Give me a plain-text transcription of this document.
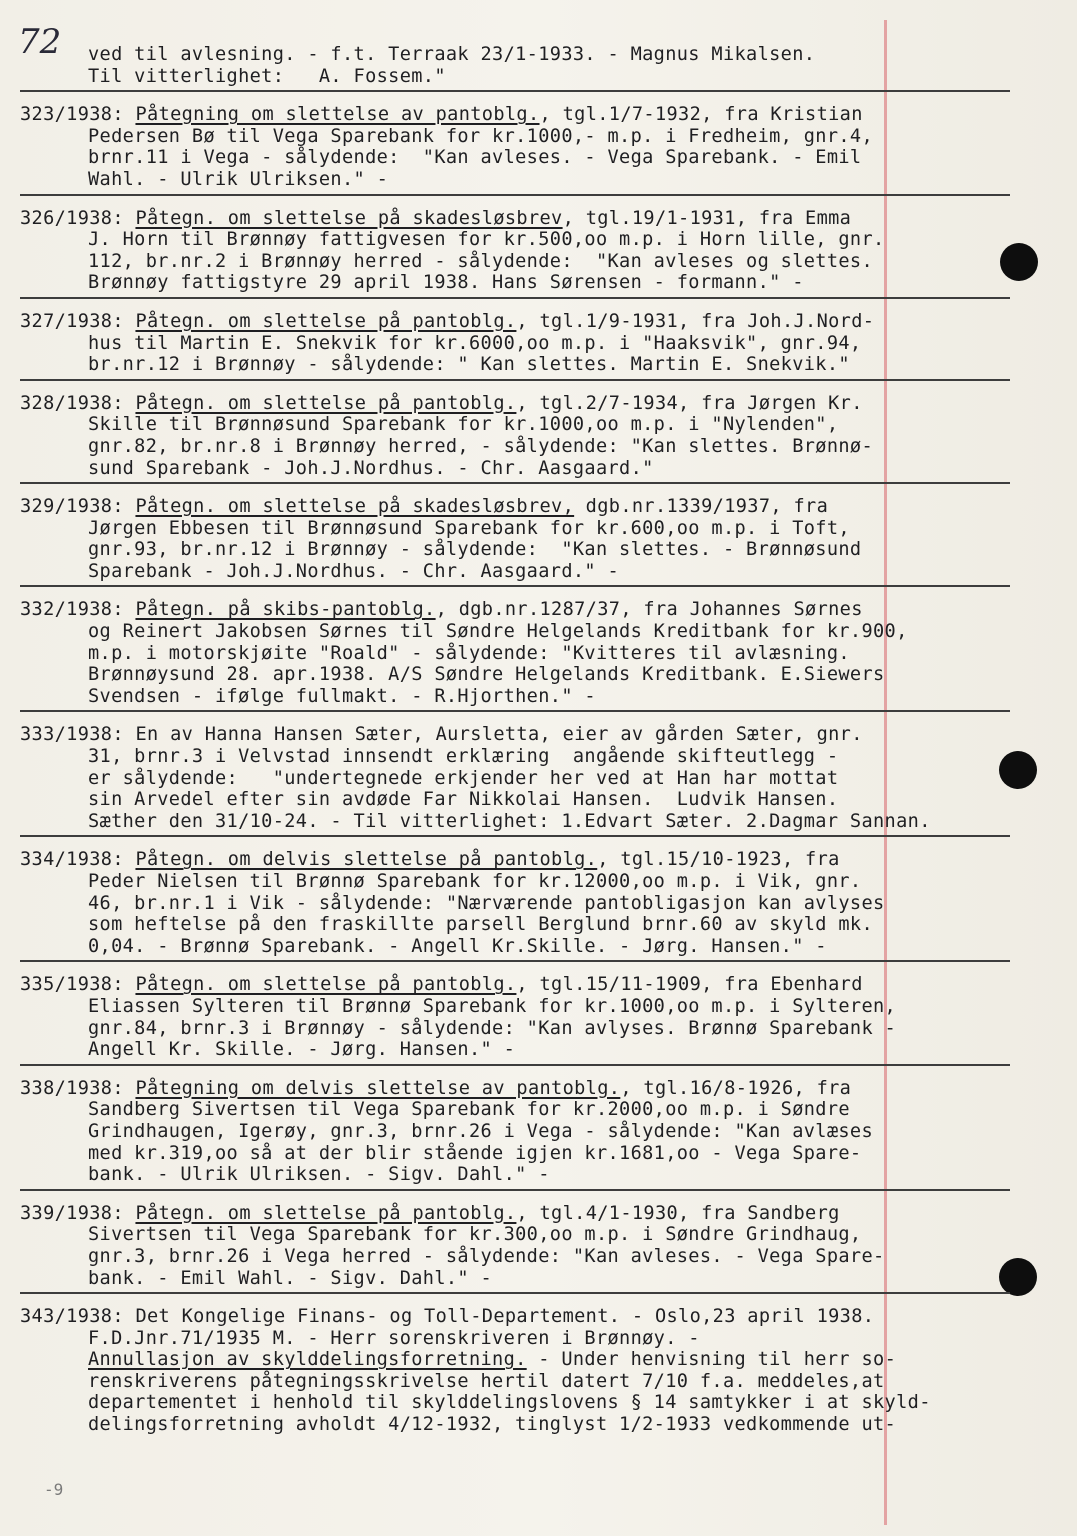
72	ved til avlesning. - f.t. Terraak 23/1-1933. - Magnus Mikalsen.
Til vitterlighet:   A. Fossem."
323/1938: Påtegning om slettelse av pantoblg., tgl.1/7-1932, fra Kristian
Pedersen Bø til Vega Sparebank for kr.1000,- m.p. i Fredheim, gnr.4,
brnr.11 i Vega - sålydende:  "Kan avleses. - Vega Sparebank. - Emil
Wahl. - Ulrik Ulriksen." -
326/1938: Påtegn. om slettelse på skadesløsbrev, tgl.19/1-1931, fra Emma
J. Horn til Brønnøy fattigvesen for kr.500,oo m.p. i Horn lille, gnr.
112, br.nr.2 i Brønnøy herred - sålydende:  "Kan avleses og slettes.
Brønnøy fattigstyre 29 april 1938. Hans Sørensen - formann." -
327/1938: Påtegn. om slettelse på pantoblg., tgl.1/9-1931, fra Joh.J.Nord-
hus til Martin E. Snekvik for kr.6000,oo m.p. i "Haaksvik", gnr.94,
br.nr.12 i Brønnøy - sålydende: " Kan slettes. Martin E. Snekvik."
328/1938: Påtegn. om slettelse på pantoblg., tgl.2/7-1934, fra Jørgen Kr.
Skille til Brønnøsund Sparebank for kr.1000,oo m.p. i "Nylenden",
gnr.82, br.nr.8 i Brønnøy herred, - sålydende: "Kan slettes. Brønnø-
sund Sparebank - Joh.J.Nordhus. - Chr. Aasgaard."
329/1938: Påtegn. om slettelse på skadesløsbrev, dgb.nr.1339/1937, fra
Jørgen Ebbesen til Brønnøsund Sparebank for kr.600,oo m.p. i Toft,
gnr.93, br.nr.12 i Brønnøy - sålydende:  "Kan slettes. - Brønnøsund
Sparebank - Joh.J.Nordhus. - Chr. Aasgaard." -
332/1938: Påtegn. på skibs-pantoblg., dgb.nr.1287/37, fra Johannes Sørnes
og Reinert Jakobsen Sørnes til Søndre Helgelands Kreditbank for kr.900,
m.p. i motorskjøite "Roald" - sålydende: "Kvitteres til avlæsning.
Brønnøysund 28. apr.1938. A/S Søndre Helgelands Kreditbank. E.Siewers
Svendsen - ifølge fullmakt. - R.Hjorthen." -
333/1938: En av Hanna Hansen Sæter, Aursletta, eier av gården Sæter, gnr.
31, brnr.3 i Velvstad innsendt erklæring  angående skifteutlegg -
er sålydende:   "undertegnede erkjender her ved at Han har mottat
sin Arvedel efter sin avdøde Far Nikkolai Hansen.  Ludvik Hansen.
Sæther den 31/10-24. - Til vitterlighet: 1.Edvart Sæter. 2.Dagmar Sannan.
334/1938: Påtegn. om delvis slettelse på pantoblg., tgl.15/10-1923, fra
Peder Nielsen til Brønnø Sparebank for kr.12000,oo m.p. i Vik, gnr.
46, br.nr.1 i Vik - sålydende: "Nærværende pantobligasjon kan avlyses
som heftelse på den fraskillte parsell Berglund brnr.60 av skyld mk.
0,04. - Brønnø Sparebank. - Angell Kr.Skille. - Jørg. Hansen." -
335/1938: Påtegn. om slettelse på pantoblg., tgl.15/11-1909, fra Ebenhard
Eliassen Sylteren til Brønnø Sparebank for kr.1000,oo m.p. i Sylteren,
gnr.84, brnr.3 i Brønnøy - sålydende: "Kan avlyses. Brønnø Sparebank -
Angell Kr. Skille. - Jørg. Hansen." -
338/1938: Påtegning om delvis slettelse av pantoblg., tgl.16/8-1926, fra
Sandberg Sivertsen til Vega Sparebank for kr.2000,oo m.p. i Søndre
Grindhaugen, Igerøy, gnr.3, brnr.26 i Vega - sålydende: "Kan avlæses
med kr.319,oo så at der blir stående igjen kr.1681,oo - Vega Spare-
bank. - Ulrik Ulriksen. - Sigv. Dahl." -
339/1938: Påtegn. om slettelse på pantoblg., tgl.4/1-1930, fra Sandberg
Sivertsen til Vega Sparebank for kr.300,oo m.p. i Søndre Grindhaug,
gnr.3, brnr.26 i Vega herred - sålydende: "Kan avleses. - Vega Spare-
bank. - Emil Wahl. - Sigv. Dahl." -
343/1938: Det Kongelige Finans- og Toll-Departement. - Oslo,23 april 1938.
F.D.Jnr.71/1935 M. - Herr sorenskriveren i Brønnøy. -
Annullasjon av skylddelingsforretning. - Under henvisning til herr so-
renskriverens påtegningsskrivelse hertil datert 7/10 f.a. meddeles,at
departementet i henhold til skylddelingslovens § 14 samtykker i at skyld-
delingsforretning avholdt 4/12-1932, tinglyst 1/2-1933 vedkommende ut-
-9
